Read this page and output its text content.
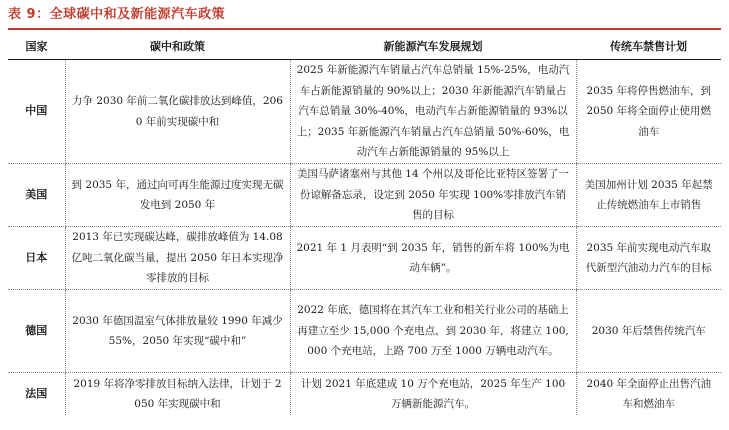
表 9：全球碳中和及新能源汽车政策
国家	碳中和政策	新能源汽车发展规划	传统车禁售计划
中国	力争 2030 年前二氧化碳排放达到峰值，2060 年前实现碳中和	2025 年新能源汽车销量占汽车总销量 15%-25%，电动汽车占新能源销量的 90%以上；2030 年新能源汽车销量占汽车总销量 30%-40%，电动汽车占新能源销量的 93%以上；2035 年新能源汽车销量占汽车总销量 50%-60%，电动汽车占新能源销量的 95%以上	2035 年将停售燃油车，到 2050 年将全面停止使用燃油车
美国	到 2035 年，通过向可再生能源过度实现无碳发电到 2050 年	美国马萨诸塞州与其他 14 个州以及哥伦比亚特区签署了一份谅解备忘录，设定到 2050 年实现 100%零排放汽车销售的目标	美国加州计划 2035 年起禁止传统燃油车上市销售
日本	2013 年已实现碳达峰，碳排放峰值为 14.08 亿吨二氧化碳当量，提出 2050 年日本实现净零排放的目标	2021 年 1 月表明“到 2035 年，销售的新车将 100%为电动车辆”。	2035 年前实现电动汽车取代新型汽油动力汽车的目标
德国	2030 年德国温室气体排放量较 1990 年减少 55%，2050 年实现“碳中和”	2022 年底，德国将在其汽车工业和相关行业公司的基础上再建立至少 15,000 个充电点，到 2030 年，将建立 100,000 个充电站，上路 700 万至 1000 万辆电动汽车。	2030 年后禁售传统汽车
法国	2019 年将净零排放目标纳入法律，计划于 2050 年实现碳中和	计划 2021 年底建成 10 万个充电站，2025 年生产 100 万辆新能源汽车。	2040 年全面停止出售汽油车和燃油车
